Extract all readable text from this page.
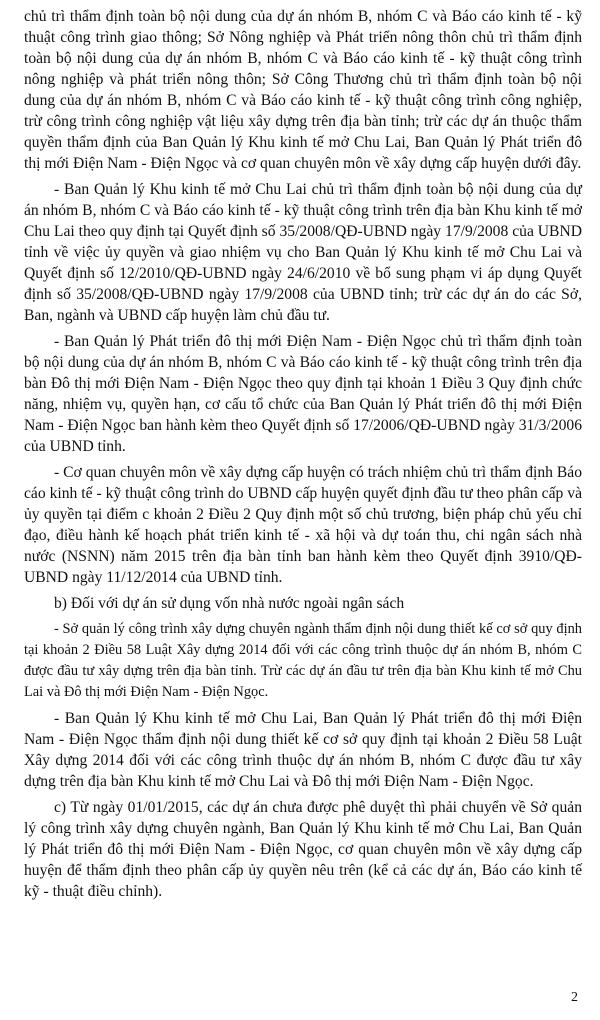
chủ trì thẩm định toàn bộ nội dung của dự án nhóm B, nhóm C và Báo cáo kinh tế - kỹ thuật công trình giao thông; Sở Nông nghiệp và Phát triển nông thôn chủ trì thẩm định toàn bộ nội dung của dự án nhóm B, nhóm C và Báo cáo kinh tế - kỹ thuật công trình nông nghiệp và phát triển nông thôn; Sở Công Thương chủ trì thẩm định toàn bộ nội dung của dự án nhóm B, nhóm C và Báo cáo kinh tế - kỹ thuật công trình công nghiệp, trừ công trình công nghiệp vật liệu xây dựng trên địa bàn tỉnh; trừ các dự án thuộc thẩm quyền thẩm định của Ban Quản lý Khu kinh tế mở Chu Lai, Ban Quản lý Phát triển đô thị mới Điện Nam - Điện Ngọc và cơ quan chuyên môn về xây dựng cấp huyện dưới đây.

- Ban Quản lý Khu kinh tế mở Chu Lai chủ trì thẩm định toàn bộ nội dung của dự án nhóm B, nhóm C và Báo cáo kinh tế - kỹ thuật công trình trên địa bàn Khu kinh tế mở Chu Lai theo quy định tại Quyết định số 35/2008/QĐ-UBND ngày 17/9/2008 của UBND tỉnh về việc ủy quyền và giao nhiệm vụ cho Ban Quản lý Khu kinh tế mở Chu Lai và Quyết định số 12/2010/QĐ-UBND ngày 24/6/2010 về bổ sung phạm vi áp dụng Quyết định số 35/2008/QĐ-UBND ngày 17/9/2008 của UBND tỉnh; trừ các dự án do các Sở, Ban, ngành và UBND cấp huyện làm chủ đầu tư.

- Ban Quản lý Phát triển đô thị mới Điện Nam - Điện Ngọc chủ trì thẩm định toàn bộ nội dung của dự án nhóm B, nhóm C và Báo cáo kinh tế - kỹ thuật công trình trên địa bàn Đô thị mới Điện Nam - Điện Ngọc theo quy định tại khoản 1 Điều 3 Quy định chức năng, nhiệm vụ, quyền hạn, cơ cấu tổ chức của Ban Quản lý Phát triển đô thị mới Điện Nam - Điện Ngọc ban hành kèm theo Quyết định số 17/2006/QĐ-UBND ngày 31/3/2006 của UBND tỉnh.

- Cơ quan chuyên môn về xây dựng cấp huyện có trách nhiệm chủ trì thẩm định Báo cáo kinh tế - kỹ thuật công trình do UBND cấp huyện quyết định đầu tư theo phân cấp và ủy quyền tại điểm c khoản 2 Điều 2 Quy định một số chủ trương, biện pháp chủ yếu chỉ đạo, điều hành kế hoạch phát triển kinh tế - xã hội và dự toán thu, chi ngân sách nhà nước (NSNN) năm 2015 trên địa bàn tỉnh ban hành kèm theo Quyết định 3910/QĐ-UBND ngày 11/12/2014 của UBND tỉnh.

b) Đối với dự án sử dụng vốn nhà nước ngoài ngân sách

- Sở quản lý công trình xây dựng chuyên ngành thẩm định nội dung thiết kế cơ sở quy định tại khoản 2 Điều 58 Luật Xây dựng 2014 đối với các công trình thuộc dự án nhóm B, nhóm C được đầu tư xây dựng trên địa bàn tỉnh. Trừ các dự án đầu tư trên địa bàn Khu kinh tế mở Chu Lai và Đô thị mới Điện Nam - Điện Ngọc.

- Ban Quản lý Khu kinh tế mở Chu Lai, Ban Quản lý Phát triển đô thị mới Điện Nam - Điện Ngọc thẩm định nội dung thiết kế cơ sở quy định tại khoản 2 Điều 58 Luật Xây dựng 2014 đối với các công trình thuộc dự án nhóm B, nhóm C được đầu tư xây dựng trên địa bàn Khu kinh tế mở Chu Lai và Đô thị mới Điện Nam - Điện Ngọc.

c) Từ ngày 01/01/2015, các dự án chưa được phê duyệt thì phải chuyển về Sở quản lý công trình xây dựng chuyên ngành, Ban Quản lý Khu kinh tế mở Chu Lai, Ban Quản lý Phát triển đô thị mới Điện Nam - Điện Ngọc, cơ quan chuyên môn về xây dựng cấp huyện để thẩm định theo phân cấp ủy quyền nêu trên (kể cả các dự án, Báo cáo kinh tế kỹ - thuật điều chỉnh).

2
